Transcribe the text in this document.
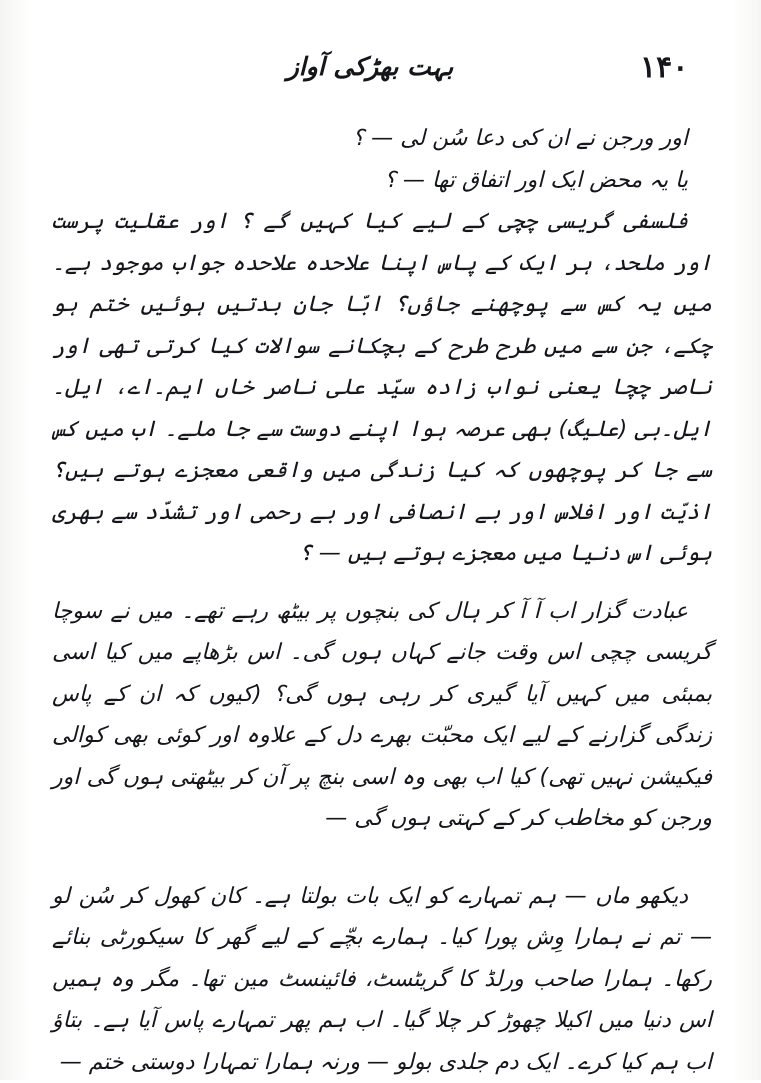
۱۴۰
بہت بھڑکی آواز

اور ورجن نے ان کی دعا سُن لی — ؟

یا یہ محض ایک اور اتفاق تھا — ؟

فلسفی گریسی چچی کے لیے کیا کہیں گے ؟ اور عقلیت پرست اور ملحد، ہر ایک کے پاس اپنا علاحدہ علاحدہ جواب موجود ہے۔ میں یہ کس سے پوچھنے جاؤں؟ ابّا جان بدتیں ہوئیں ختم ہو چکے، جن سے میں طرح طرح کے بچکانے سوالات کیا کرتی تھی اور ناصر چچا یعنی نواب زادہ سیّد علی ناصر خاں ایم۔اے، ایل۔ایل۔بی (علیگ) بھی عرصہ ہوا اپنے دوست سے جا ملے۔ اب میں کس سے جا کر پوچھوں کہ کیا زندگی میں واقعی معجزے ہوتے ہیں؟ اذیّت اور افلاس اور بے انصافی اور بے رحمی اور تشدّد سے بھری ہوئی اس دنیا میں معجزے ہوتے ہیں — ؟

عبادت گزار اب آ آ کر ہال کی بنچوں پر بیٹھ رہے تھے۔ میں نے سوچا گریسی چچی اس وقت جانے کہاں ہوں گی۔ اس بڑھاپے میں کیا اسی بمبئی میں کہیں آیا گیری کر رہی ہوں گی؟ (کیوں کہ ان کے پاس زندگی گزارنے کے لیے ایک محبّت بھرے دل کے علاوہ اور کوئی بھی کوالی فیکیشن نہیں تھی) کیا اب بھی وہ اسی بنچ پر آن کر بیٹھتی ہوں گی اور ورجن کو مخاطب کر کے کہتی ہوں گی —

دیکھو ماں — ہم تمہارے کو ایک بات بولتا ہے۔ کان کھول کر سُن لو — تم نے ہمارا وِش پورا کیا۔ ہمارے بچّے کے لیے گھر کا سیکورٹی بنائے رکھا۔ ہمارا صاحب ورلڈ کا گریٹسٹ، فائینسٹ مین تھا۔ مگر وہ ہمیں اس دنیا میں اکیلا چھوڑ کر چلا گیا۔ اب ہم پھر تمہارے پاس آیا ہے۔ بتاؤ اب ہم کیا کرے۔ ایک دم جلدی بولو — ورنہ ہمارا تمہارا دوستی ختم —
